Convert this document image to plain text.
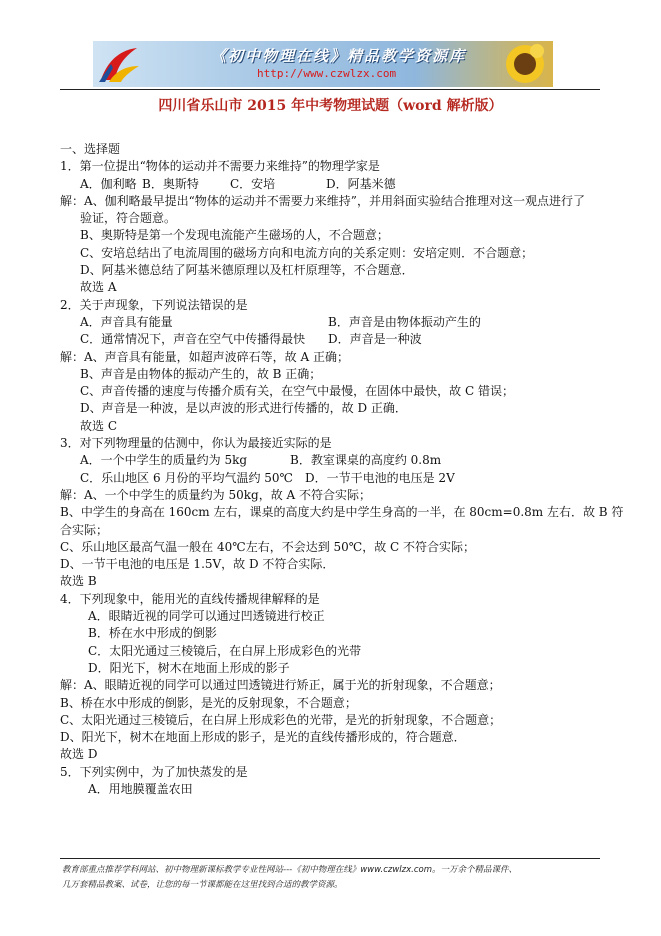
《初中物理在线》精品教学资源库
http://www.czwlzx.com
四川省乐山市 2015 年中考物理试题（word 解析版）
一、选择题
1．第一位提出“物体的运动并不需要力来维持”的物理学家是
A．伽利略 B．奥斯特	C．安培	D．阿基米德
解：A、伽利略最早提出“物体的运动并不需要力来维持”，并用斜面实验结合推理对这一观点进行了
验证，符合题意。
B、奥斯特是第一个发现电流能产生磁场的人，不合题意；
C、安培总结出了电流周围的磁场方向和电流方向的关系定则：安培定则．不合题意；
D、阿基米德总结了阿基米德原理以及杠杆原理等，不合题意．
故选 A
2．关于声现象，下列说法错误的是
A．声音具有能量	B．声音是由物体振动产生的
C．通常情况下，声音在空气中传播得最快 D．声音是一种波
解：A、声音具有能量，如超声波碎石等，故 A 正确；
B、声音是由物体的振动产生的，故 B 正确；
C、声音传播的速度与传播介质有关，在空气中最慢，在固体中最快，故 C 错误；
D、声音是一种波，是以声波的形式进行传播的，故 D 正确．
故选 C
3．对下列物理量的估测中，你认为最接近实际的是
A．一个中学生的质量约为 5kg	B．教室课桌的高度约 0.8m
C．乐山地区 6 月份的平均气温约 50℃ D．一节干电池的电压是 2V
解：A、一个中学生的质量约为 50kg，故 A 不符合实际；
B、中学生的身高在 160cm 左右，课桌的高度大约是中学生身高的一半，在 80cm=0.8m 左右．故 B 符
合实际；
C、乐山地区最高气温一般在 40℃左右，不会达到 50℃，故 C 不符合实际；
D、一节干电池的电压是 1.5V，故 D 不符合实际．
故选 B
4．下列现象中，能用光的直线传播规律解释的是
A．眼睛近视的同学可以通过凹透镜进行校正
B．桥在水中形成的倒影
C．太阳光通过三棱镜后，在白屏上形成彩色的光带
D．阳光下，树木在地面上形成的影子
解：A、眼睛近视的同学可以通过凹透镜进行矫正，属于光的折射现象，不合题意；
B、桥在水中形成的倒影，是光的反射现象，不合题意；
C、太阳光通过三棱镜后，在白屏上形成彩色的光带，是光的折射现象，不合题意；
D、阳光下，树木在地面上形成的影子，是光的直线传播形成的，符合题意．
故选 D
5．下列实例中，为了加快蒸发的是
A．用地膜覆盖农田
教育部重点推荐学科网站、初中物理新课标教学专业性网站---《初中物理在线》www.czwlzx.com。一万余个精品课件、
几万套精品教案、试卷，让您的每一节课都能在这里找到合适的教学资源。
